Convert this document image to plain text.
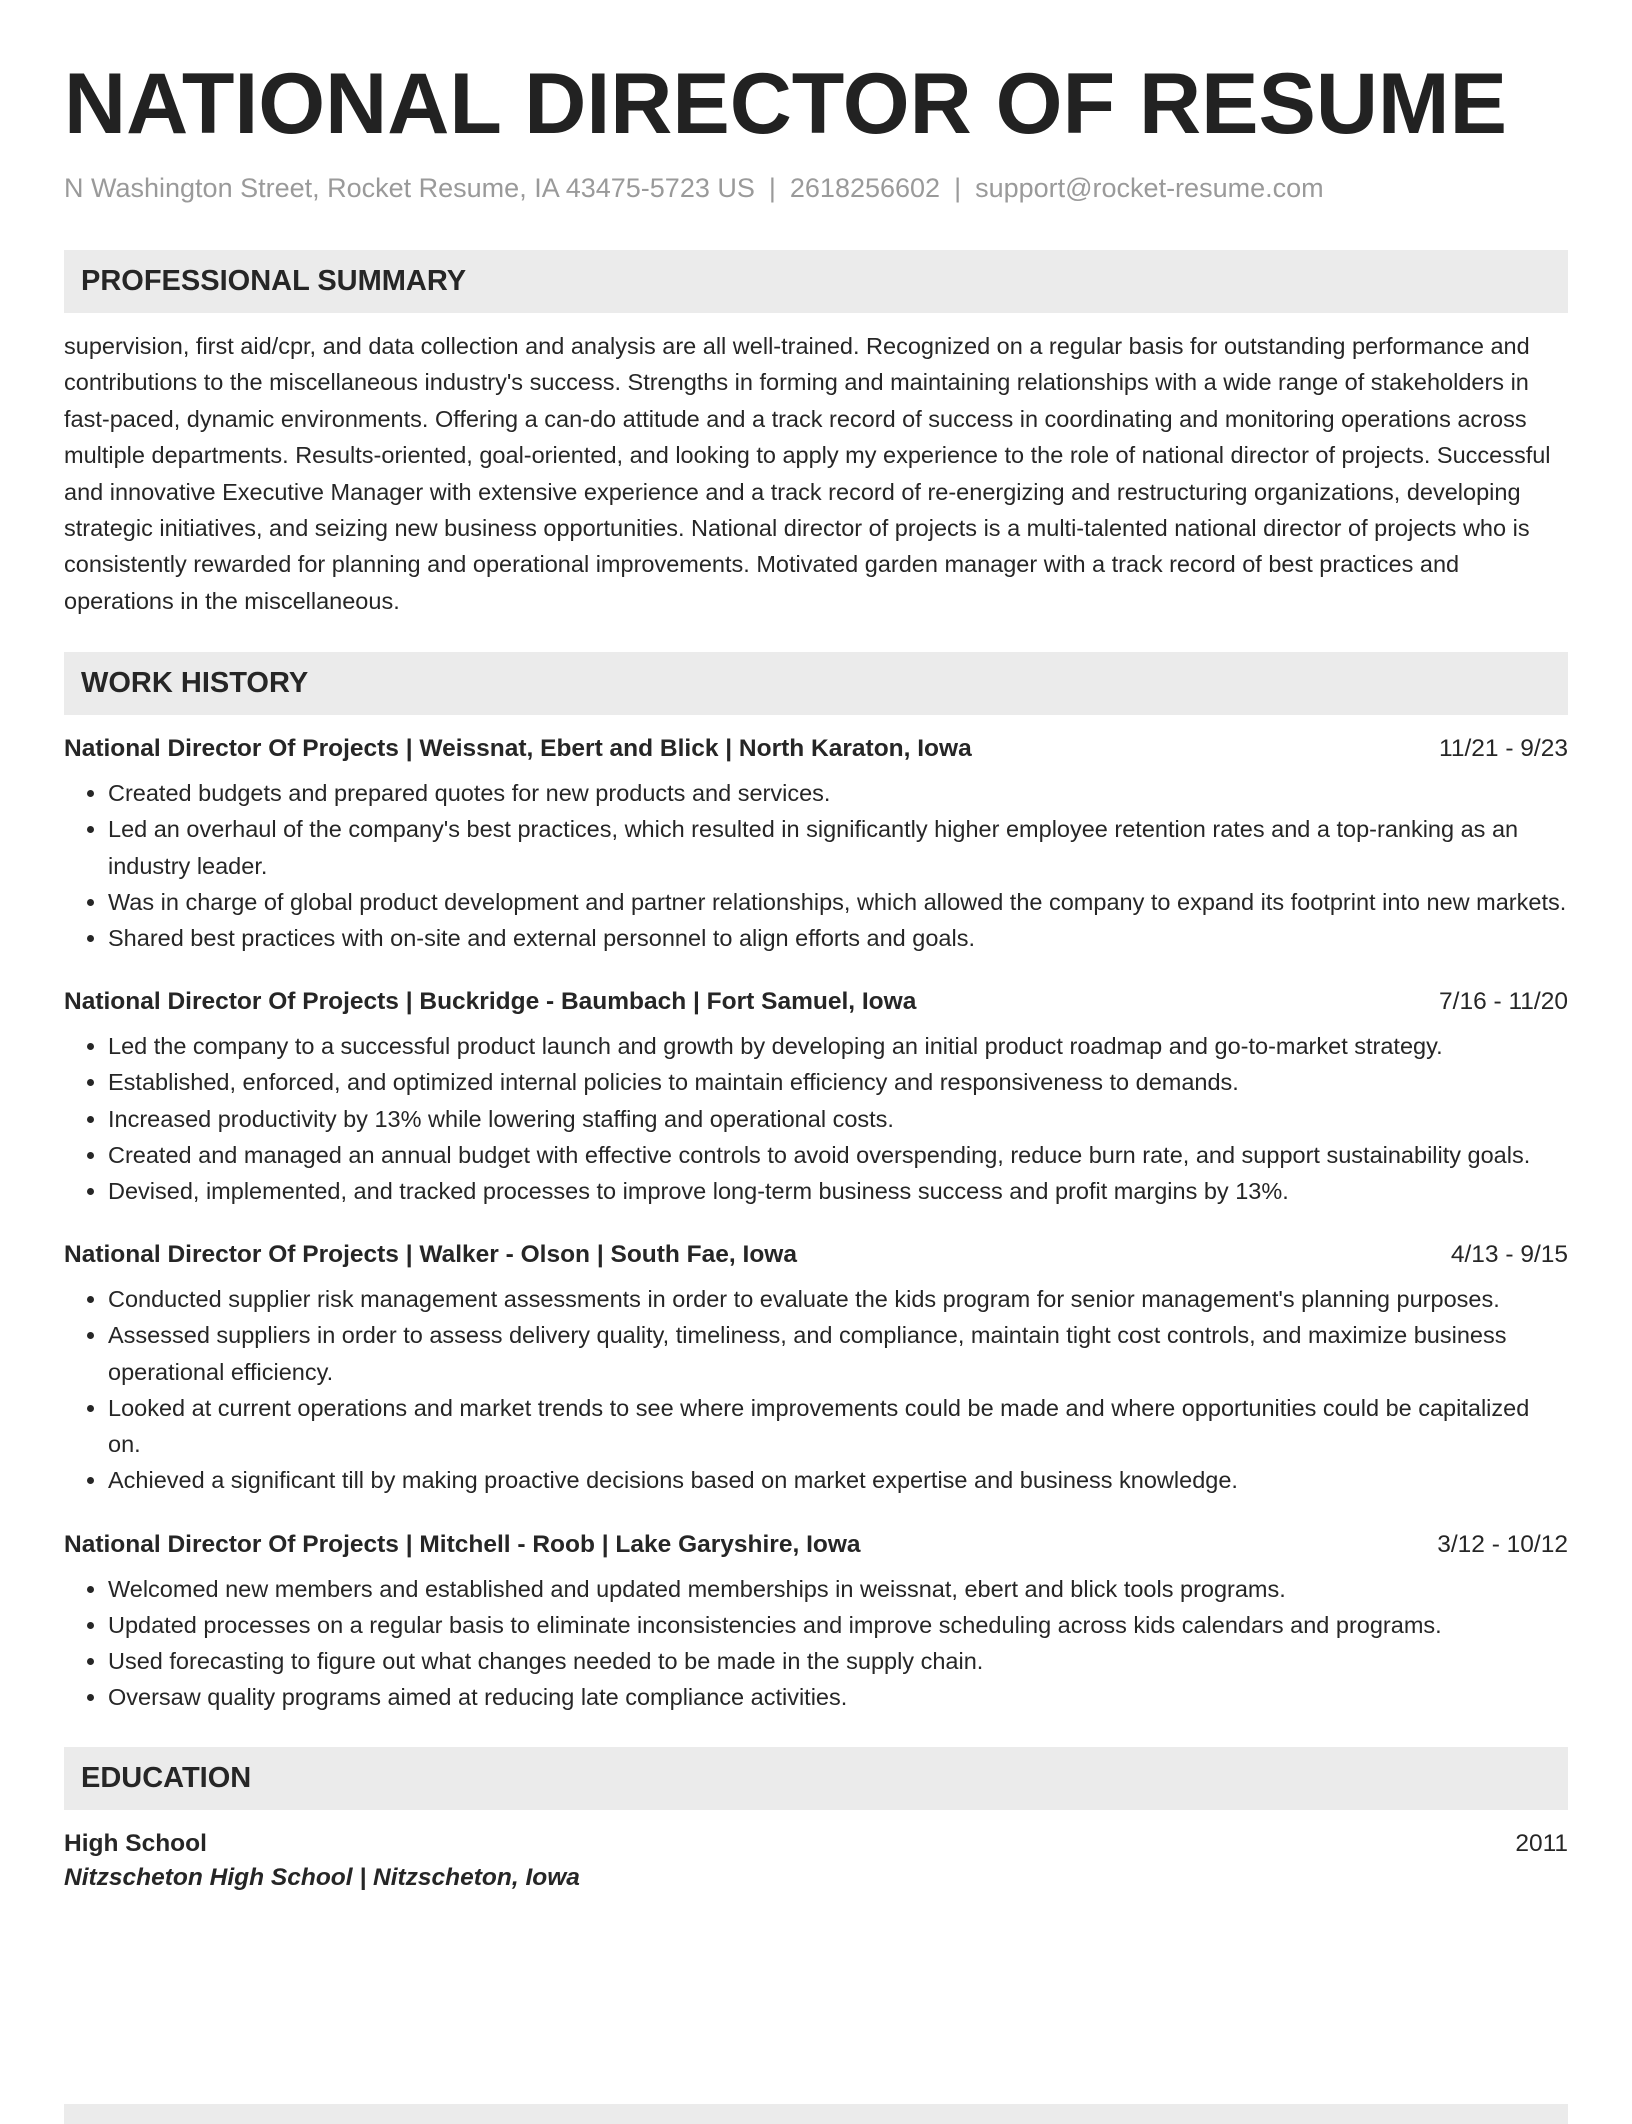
NATIONAL DIRECTOR OF RESUME
N Washington Street, Rocket Resume, IA 43475-5723 US | 2618256602 | support@rocket-resume.com
PROFESSIONAL SUMMARY
supervision, first aid/cpr, and data collection and analysis are all well-trained. Recognized on a regular basis for outstanding performance and contributions to the miscellaneous industry's success. Strengths in forming and maintaining relationships with a wide range of stakeholders in fast-paced, dynamic environments. Offering a can-do attitude and a track record of success in coordinating and monitoring operations across multiple departments. Results-oriented, goal-oriented, and looking to apply my experience to the role of national director of projects. Successful and innovative Executive Manager with extensive experience and a track record of re-energizing and restructuring organizations, developing strategic initiatives, and seizing new business opportunities. National director of projects is a multi-talented national director of projects who is consistently rewarded for planning and operational improvements. Motivated garden manager with a track record of best practices and operations in the miscellaneous.
WORK HISTORY
National Director Of Projects | Weissnat, Ebert and Blick | North Karaton, Iowa	11/21 - 9/23
• Created budgets and prepared quotes for new products and services.
• Led an overhaul of the company's best practices, which resulted in significantly higher employee retention rates and a top-ranking as an industry leader.
• Was in charge of global product development and partner relationships, which allowed the company to expand its footprint into new markets.
• Shared best practices with on-site and external personnel to align efforts and goals.
National Director Of Projects | Buckridge - Baumbach | Fort Samuel, Iowa	7/16 - 11/20
• Led the company to a successful product launch and growth by developing an initial product roadmap and go-to-market strategy.
• Established, enforced, and optimized internal policies to maintain efficiency and responsiveness to demands.
• Increased productivity by 13% while lowering staffing and operational costs.
• Created and managed an annual budget with effective controls to avoid overspending, reduce burn rate, and support sustainability goals.
• Devised, implemented, and tracked processes to improve long-term business success and profit margins by 13%.
National Director Of Projects | Walker - Olson | South Fae, Iowa	4/13 - 9/15
• Conducted supplier risk management assessments in order to evaluate the kids program for senior management's planning purposes.
• Assessed suppliers in order to assess delivery quality, timeliness, and compliance, maintain tight cost controls, and maximize business operational efficiency.
• Looked at current operations and market trends to see where improvements could be made and where opportunities could be capitalized on.
• Achieved a significant till by making proactive decisions based on market expertise and business knowledge.
National Director Of Projects | Mitchell - Roob | Lake Garyshire, Iowa	3/12 - 10/12
• Welcomed new members and established and updated memberships in weissnat, ebert and blick tools programs.
• Updated processes on a regular basis to eliminate inconsistencies and improve scheduling across kids calendars and programs.
• Used forecasting to figure out what changes needed to be made in the supply chain.
• Oversaw quality programs aimed at reducing late compliance activities.
EDUCATION
High School	2011
Nitzscheton High School | Nitzscheton, Iowa
